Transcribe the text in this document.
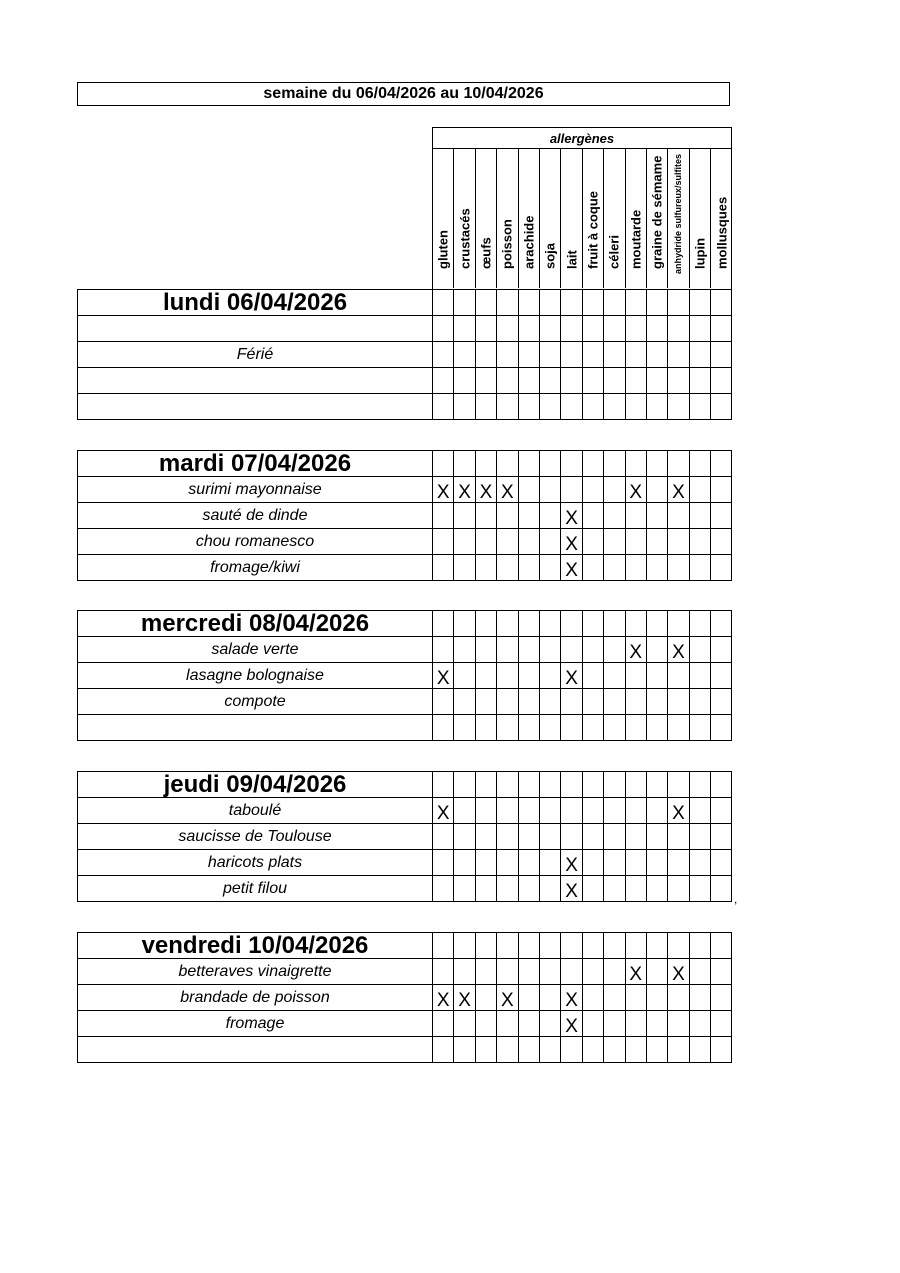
semaine du 06/04/2026 au 10/04/2026
allergènes
gluten crustacés œufs poisson arachide soja lait fruit à coque céleri moutarde graine de sémame anhydride sulfureux/sulfites lupin mollusques
lundi 06/04/2026														

Férié														

mardi 07/04/2026														
surimi mayonnaise	X	X	X	X						X		X		
sauté de dinde							X							
chou romanesco							X							
fromage/kiwi							X							
mercredi 08/04/2026														
salade verte										X		X		
lasagne bolognaise	X						X							
compote														

jeudi 09/04/2026														
taboulé	X											X		
saucisse de Toulouse														
haricots plats							X							
petit filou							X							
vendredi 10/04/2026														
betteraves vinaigrette										X		X		
brandade de poisson	X	X		X			X							
fromage							X							

,
